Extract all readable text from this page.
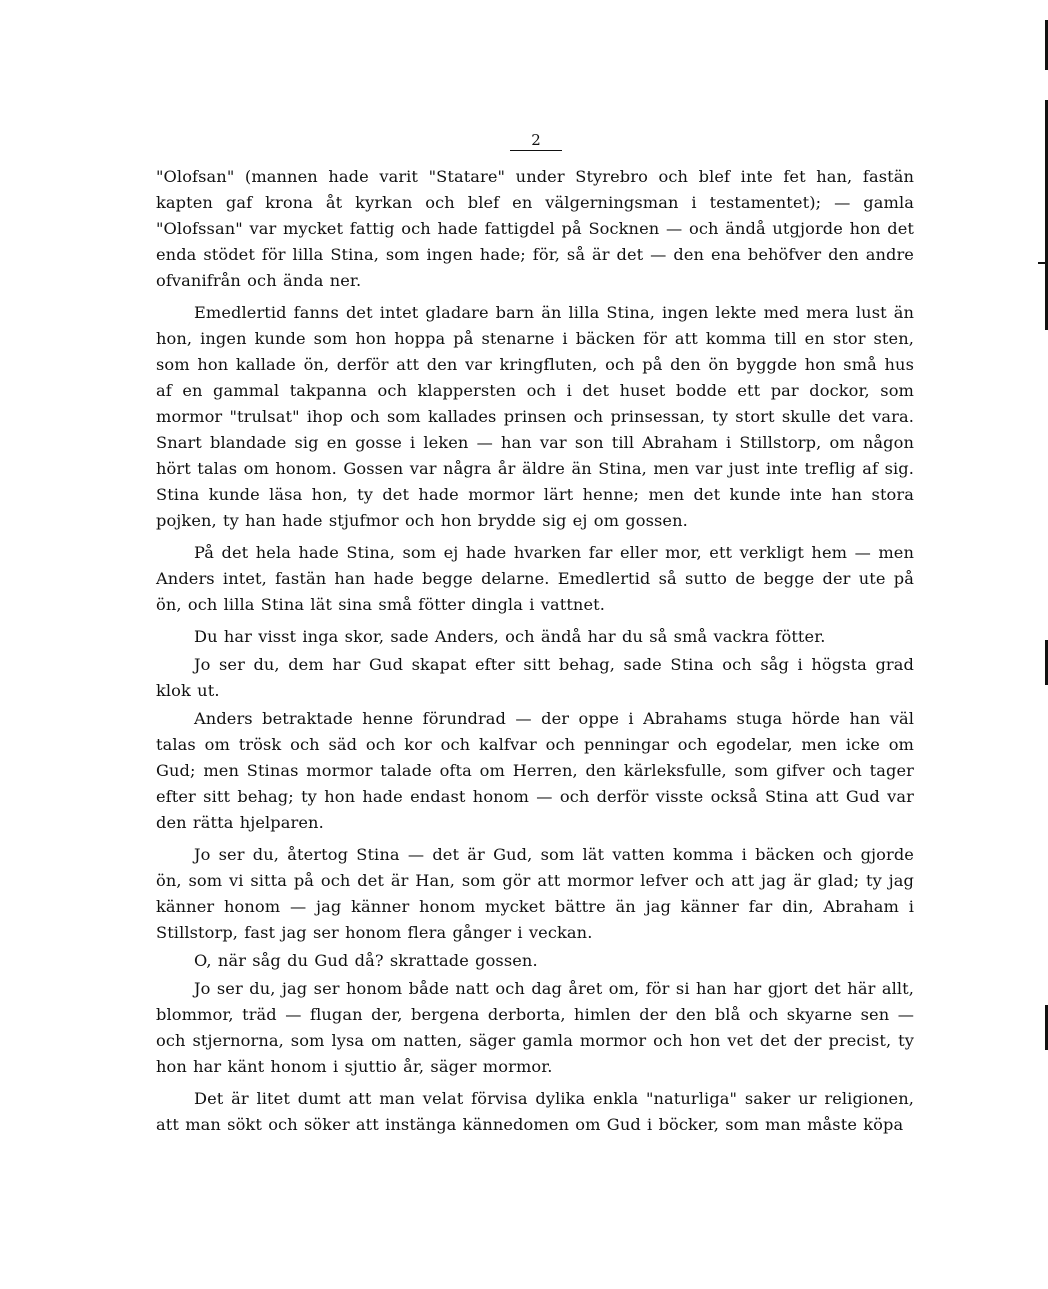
2

"Olofsan" (mannen hade varit "Statare" under Styrebro och blef inte fet han, fastän kapten gaf krona åt kyrkan och blef en välgerningsman i testamentet); — gamla "Olofssan" var mycket fattig och hade fattigdel på Socknen — och ändå utgjorde hon det enda stödet för lilla Stina, som ingen hade; för, så är det — den ena behöfver den andre ofvanifrån och ända ner.

Emedlertid fanns det intet gladare barn än lilla Stina, ingen lekte med mera lust än hon, ingen kunde som hon hoppa på stenarne i bäcken för att komma till en stor sten, som hon kallade ön, derför att den var kringfluten, och på den ön byggde hon små hus af en gammal takpanna och klappersten och i det huset bodde ett par dockor, som mormor "trulsat" ihop och som kallades prinsen och prinsessan, ty stort skulle det vara. Snart blandade sig en gosse i leken — han var son till Abraham i Stillstorp, om någon hört talas om honom. Gossen var några år äldre än Stina, men var just inte treflig af sig. Stina kunde läsa hon, ty det hade mormor lärt henne; men det kunde inte han stora pojken, ty han hade stjufmor och hon brydde sig ej om gossen.

På det hela hade Stina, som ej hade hvarken far eller mor, ett verkligt hem — men Anders intet, fastän han hade begge delarne. Emedlertid så sutto de begge der ute på ön, och lilla Stina lät sina små fötter dingla i vattnet.

Du har visst inga skor, sade Anders, och ändå har du så små vackra fötter.

Jo ser du, dem har Gud skapat efter sitt behag, sade Stina och såg i högsta grad klok ut.

Anders betraktade henne förundrad — der oppe i Abrahams stuga hörde han väl talas om trösk och säd och kor och kalfvar och penningar och egodelar, men icke om Gud; men Stinas mormor talade ofta om Herren, den kärleksfulle, som gifver och tager efter sitt behag; ty hon hade endast honom — och derför visste också Stina att Gud var den rätta hjelparen.

Jo ser du, återtog Stina — det är Gud, som lät vatten komma i bäcken och gjorde ön, som vi sitta på och det är Han, som gör att mormor lefver och att jag är glad; ty jag känner honom — jag känner honom mycket bättre än jag känner far din, Abraham i Stillstorp, fast jag ser honom flera gånger i veckan.

O, när såg du Gud då? skrattade gossen.

Jo ser du, jag ser honom både natt och dag året om, för si han har gjort det här allt, blommor, träd — flugan der, bergena derborta, himlen der den blå och skyarne sen — och stjernorna, som lysa om natten, säger gamla mormor och hon vet det der precist, ty hon har känt honom i sjuttio år, säger mormor.

Det är litet dumt att man velat förvisa dylika enkla "naturliga" saker ur religionen, att man sökt och söker att instänga kännedomen om Gud i böcker, som man måste köpa
